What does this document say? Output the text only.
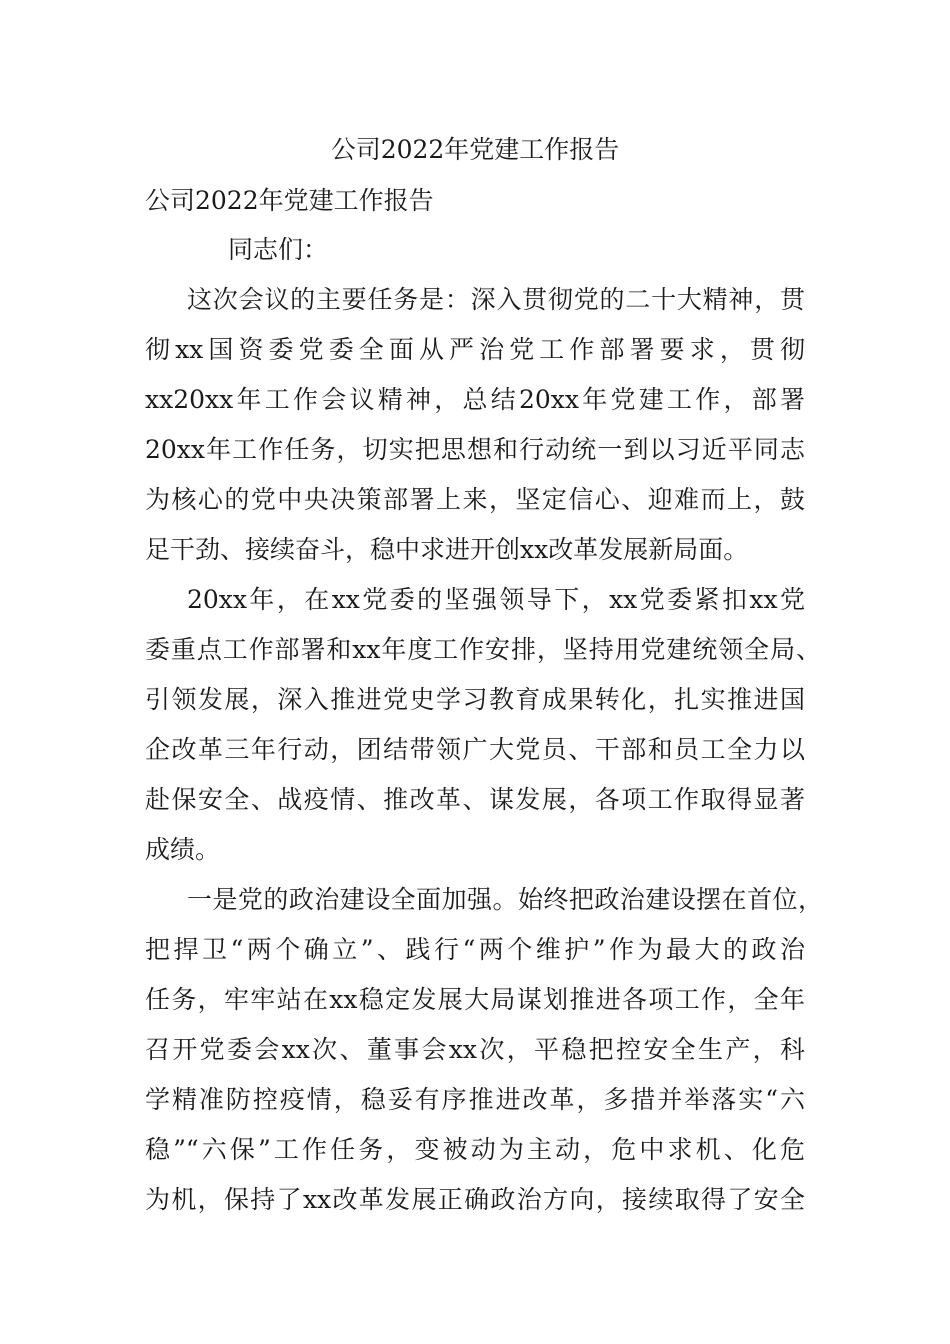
公司2022年党建工作报告
公司2022年党建工作报告
同志们：
这次会议的主要任务是：深入贯彻党的二十大精神，贯
彻xx国资委党委全面从严治党工作部署要求，贯彻
xx20xx年工作会议精神，总结20xx年党建工作，部署
20xx年工作任务，切实把思想和行动统一到以习近平同志
为核心的党中央决策部署上来，坚定信心、迎难而上，鼓
足干劲、接续奋斗，稳中求进开创xx改革发展新局面。
20xx年，在xx党委的坚强领导下，xx党委紧扣xx党
委重点工作部署和xx年度工作安排，坚持用党建统领全局、
引领发展，深入推进党史学习教育成果转化，扎实推进国
企改革三年行动，团结带领广大党员、干部和员工全力以
赴保安全、战疫情、推改革、谋发展，各项工作取得显著
成绩。
一是党的政治建设全面加强。始终把政治建设摆在首位，
把捍卫“两个确立”、践行“两个维护”作为最大的政治
任务，牢牢站在xx稳定发展大局谋划推进各项工作，全年
召开党委会xx次、董事会xx次，平稳把控安全生产，科
学精准防控疫情，稳妥有序推进改革，多措并举落实“六
稳”“六保”工作任务，变被动为主动，危中求机、化危
为机，保持了xx改革发展正确政治方向，接续取得了安全
